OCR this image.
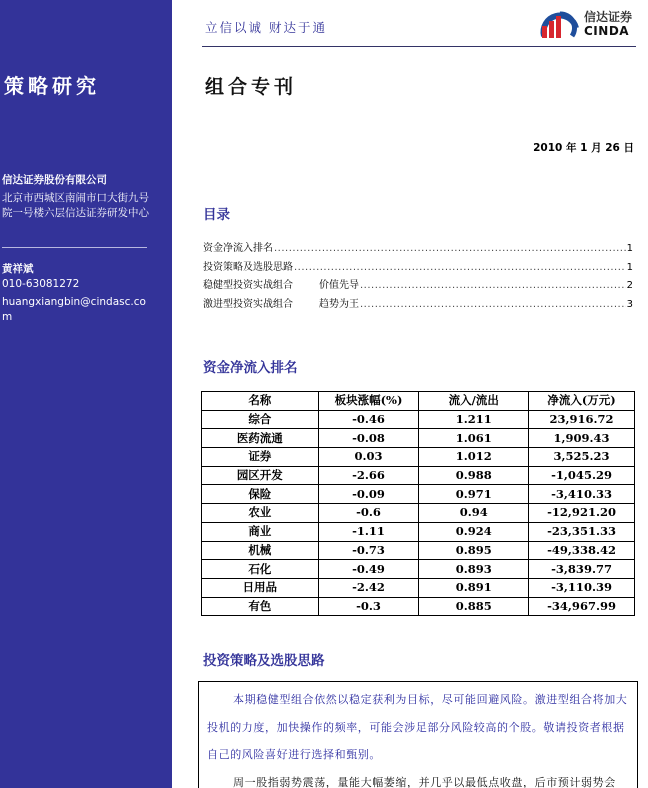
策略研究
信达证券股份有限公司
北京市西城区南闹市口大街九号院一号楼六层信达证券研发中心
黄祥斌
010-63081272
huangxiangbin@cindasc.com
立信以诚 财达于通
信达证券
CINDA
组合专刊
2010 年 1 月 26 日
目录
资金净流入排名 .....	1
投资策略及选股思路 .....	1
稳健型投资实战组合	价值先导 .....	2
激进型投资实战组合	趋势为王 .....	3
资金净流入排名
名称	板块涨幅(%)	流入/流出	净流入(万元)
综合	-0.46	1.211	23,916.72
医药流通	-0.08	1.061	1,909.43
证券	0.03	1.012	3,525.23
园区开发	-2.66	0.988	-1,045.29
保险	-0.09	0.971	-3,410.33
农业	-0.6	0.94	-12,921.20
商业	-1.11	0.924	-23,351.33
机械	-0.73	0.895	-49,338.42
石化	-0.49	0.893	-3,839.77
日用品	-2.42	0.891	-3,110.39
有色	-0.3	0.885	-34,967.99
投资策略及选股思路

本期稳健型组合依然以稳定获利为目标，尽可能回避风险。激进型组合将加大投机的力度，加快操作的频率，可能会涉足部分风险较高的个股。敬请投资者根据自己的风险喜好进行选择和甄别。

周一股指弱势震荡，量能大幅萎缩，并几乎以最低点收盘，后市预计弱势会
